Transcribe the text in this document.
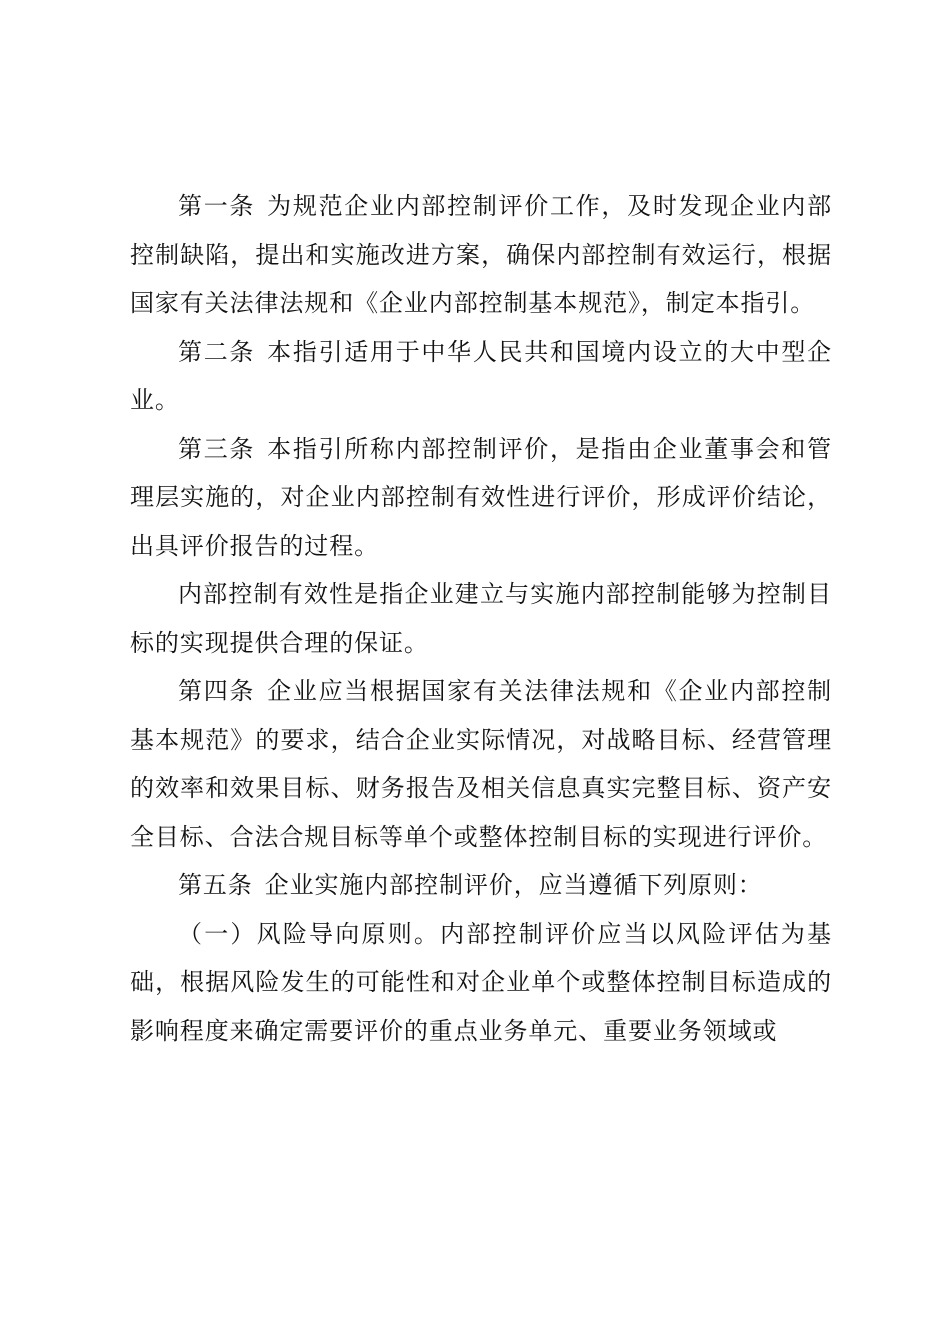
第一条 为规范企业内部控制评价工作，及时发现企业内部控制缺陷，提出和实施改进方案，确保内部控制有效运行，根据国家有关法律法规和《企业内部控制基本规范》，制定本指引。

第二条 本指引适用于中华人民共和国境内设立的大中型企业。

第三条 本指引所称内部控制评价，是指由企业董事会和管理层实施的，对企业内部控制有效性进行评价，形成评价结论，出具评价报告的过程。

内部控制有效性是指企业建立与实施内部控制能够为控制目标的实现提供合理的保证。

第四条 企业应当根据国家有关法律法规和《企业内部控制基本规范》的要求，结合企业实际情况，对战略目标、经营管理的效率和效果目标、财务报告及相关信息真实完整目标、资产安全目标、合法合规目标等单个或整体控制目标的实现进行评价。

第五条 企业实施内部控制评价，应当遵循下列原则：

（一）风险导向原则。内部控制评价应当以风险评估为基础，根据风险发生的可能性和对企业单个或整体控制目标造成的影响程度来确定需要评价的重点业务单元、重要业务领域或
